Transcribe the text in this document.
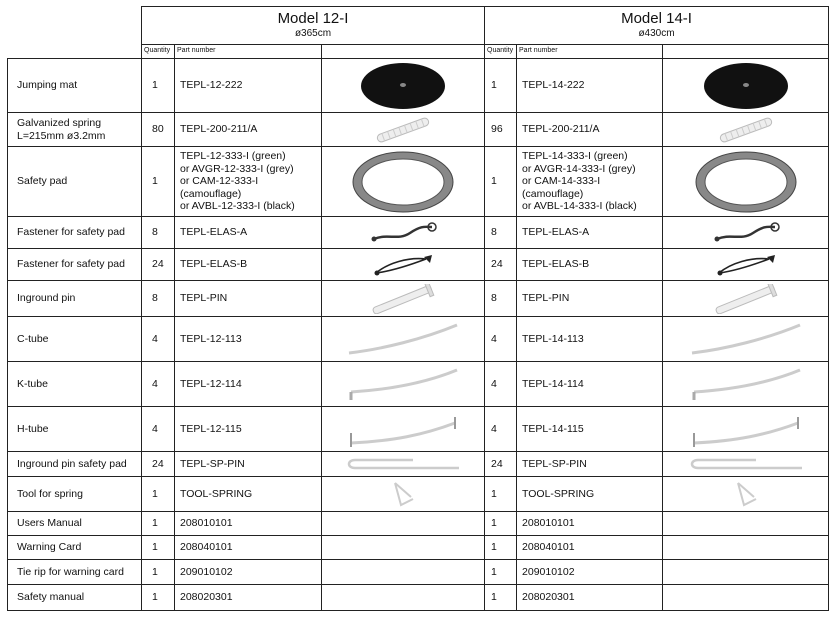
	Model 12-I
ø365cm			Model 14-I
ø430cm		

	Quantity	Part number		Quantity	Part number	

Jumping mat	1	TEPL-12-222		1	TEPL-14-222

Galvanized spring
L=215mm ø3.2mm	80	TEPL-200-211/A		96	TEPL-200-211/A

Safety pad	1	TEPL-12-333-I (green)
or AVGR-12-333-I (grey)
or CAM-12-333-I
(camouflage)
or AVBL-12-333-I (black)		1	TEPL-14-333-I (green)
or AVGR-14-333-I (grey)
or CAM-14-333-I
(camouflage)
or AVBL-14-333-I (black)

Fastener for safety pad	8	TEPL-ELAS-A		8	TEPL-ELAS-A

Fastener for safety pad	24	TEPL-ELAS-B		24	TEPL-ELAS-B

Inground pin	8	TEPL-PIN		8	TEPL-PIN

C-tube	4	TEPL-12-113		4	TEPL-14-113

K-tube	4	TEPL-12-114		4	TEPL-14-114

H-tube	4	TEPL-12-115		4	TEPL-14-115

Inground pin safety pad	24	TEPL-SP-PIN		24	TEPL-SP-PIN

Tool for spring	1	TOOL-SPRING		1	TOOL-SPRING

Users Manual	1	208010101		1	208010101	

Warning Card	1	208040101		1	208040101	

Tie rip for warning card	1	209010102		1	209010102	

Safety manual	1	208020301		1	208020301	
